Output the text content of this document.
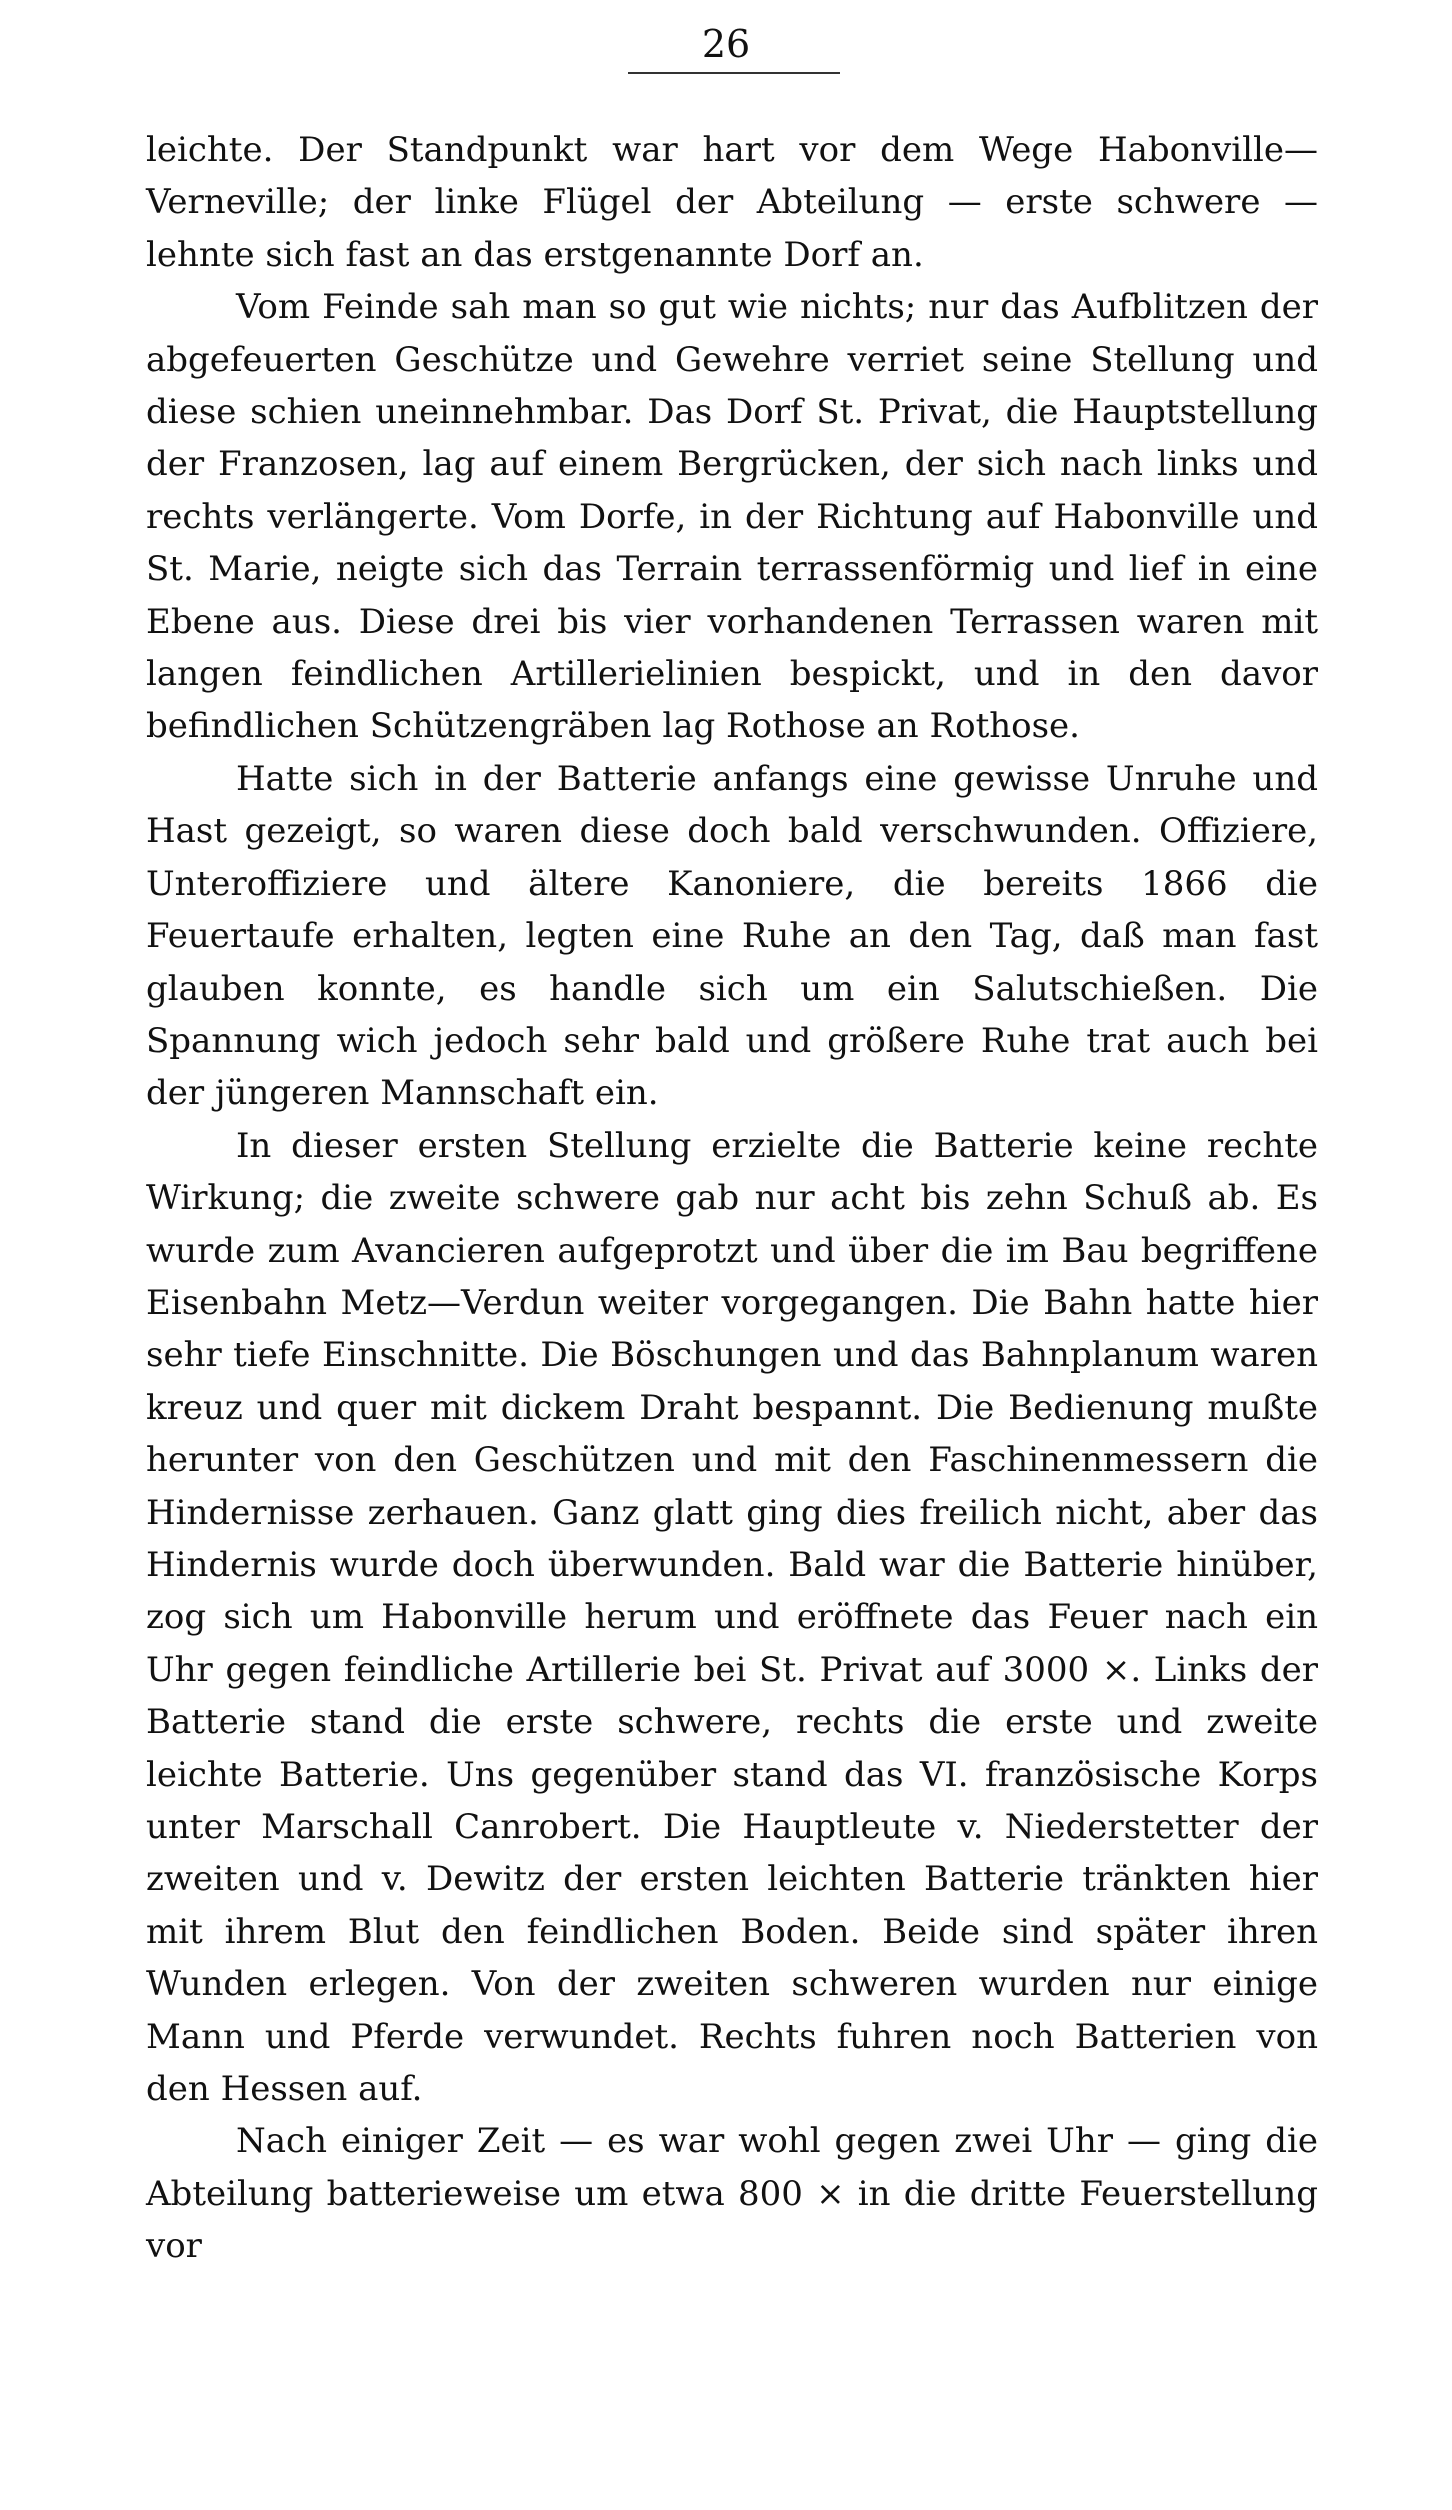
26

leichte. Der Standpunkt war hart vor dem Wege Habonville—Verneville; der linke Flügel der Abteilung — erste schwere — lehnte sich fast an das erstgenannte Dorf an.

Vom Feinde sah man so gut wie nichts; nur das Aufblitzen der abgefeuerten Geschütze und Gewehre verriet seine Stellung und diese schien uneinnehmbar. Das Dorf St. Privat, die Hauptstellung der Franzosen, lag auf einem Bergrücken, der sich nach links und rechts verlängerte. Vom Dorfe, in der Richtung auf Habonville und St. Marie, neigte sich das Terrain terrassenförmig und lief in eine Ebene aus. Diese drei bis vier vorhandenen Terrassen waren mit langen feindlichen Artillerielinien bespickt, und in den davor befindlichen Schützengräben lag Rothose an Rothose.

Hatte sich in der Batterie anfangs eine gewisse Unruhe und Hast gezeigt, so waren diese doch bald verschwunden. Offiziere, Unteroffiziere und ältere Kanoniere, die bereits 1866 die Feuertaufe erhalten, legten eine Ruhe an den Tag, daß man fast glauben konnte, es handle sich um ein Salutschießen. Die Spannung wich jedoch sehr bald und größere Ruhe trat auch bei der jüngeren Mannschaft ein.

In dieser ersten Stellung erzielte die Batterie keine rechte Wirkung; die zweite schwere gab nur acht bis zehn Schuß ab. Es wurde zum Avancieren aufgeprotzt und über die im Bau begriffene Eisenbahn Metz—Verdun weiter vorgegangen. Die Bahn hatte hier sehr tiefe Einschnitte. Die Böschungen und das Bahnplanum waren kreuz und quer mit dickem Draht bespannt. Die Bedienung mußte herunter von den Geschützen und mit den Faschinenmessern die Hindernisse zerhauen. Ganz glatt ging dies freilich nicht, aber das Hindernis wurde doch überwunden. Bald war die Batterie hinüber, zog sich um Habonville herum und eröffnete das Feuer nach ein Uhr gegen feindliche Artillerie bei St. Privat auf 3000 ×. Links der Batterie stand die erste schwere, rechts die erste und zweite leichte Batterie. Uns gegenüber stand das VI. französische Korps unter Marschall Canrobert. Die Hauptleute v. Niederstetter der zweiten und v. Dewitz der ersten leichten Batterie tränkten hier mit ihrem Blut den feindlichen Boden. Beide sind später ihren Wunden erlegen. Von der zweiten schweren wurden nur einige Mann und Pferde verwundet. Rechts fuhren noch Batterien von den Hessen auf.

Nach einiger Zeit — es war wohl gegen zwei Uhr — ging die Abteilung batterieweise um etwa 800 × in die dritte Feuerstellung vor
